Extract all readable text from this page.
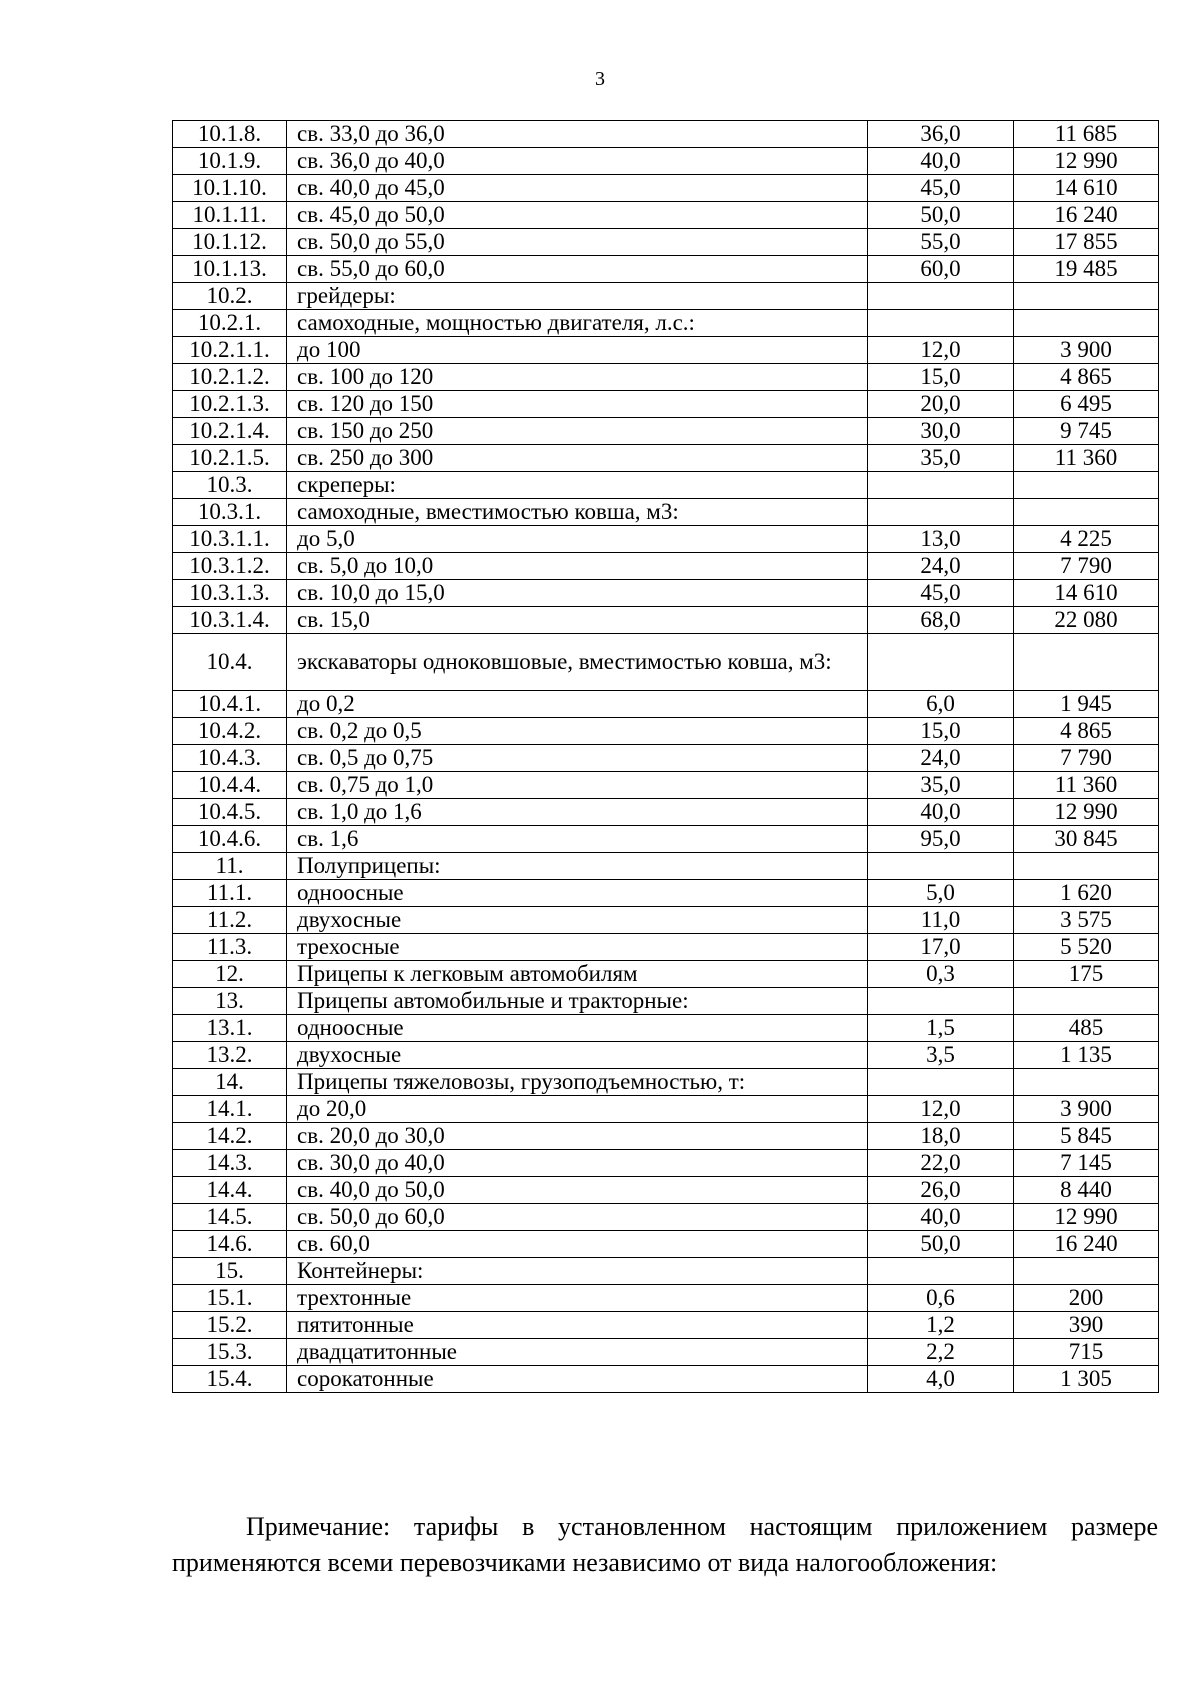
3
10.1.8.	св. 33,0 до 36,0	36,0	11 685
10.1.9.	св. 36,0 до 40,0	40,0	12 990
10.1.10.	св. 40,0 до 45,0	45,0	14 610
10.1.11.	св. 45,0 до 50,0	50,0	16 240
10.1.12.	св. 50,0 до 55,0	55,0	17 855
10.1.13.	св. 55,0 до 60,0	60,0	19 485
10.2.	грейдеры:		
10.2.1.	самоходные, мощностью двигателя, л.с.:		
10.2.1.1.	до 100	12,0	3 900
10.2.1.2.	св. 100 до 120	15,0	4 865
10.2.1.3.	св. 120 до 150	20,0	6 495
10.2.1.4.	св. 150 до 250	30,0	9 745
10.2.1.5.	св. 250 до 300	35,0	11 360
10.3.	скреперы:		
10.3.1.	самоходные, вместимостью ковша, м3:		
10.3.1.1.	до 5,0	13,0	4 225
10.3.1.2.	св. 5,0 до 10,0	24,0	7 790
10.3.1.3.	св. 10,0 до 15,0	45,0	14 610
10.3.1.4.	св. 15,0	68,0	22 080
10.4.	экскаваторы одноковшовые, вместимостью ковша, м3:		
10.4.1.	до 0,2	6,0	1 945
10.4.2.	св. 0,2 до 0,5	15,0	4 865
10.4.3.	св. 0,5 до 0,75	24,0	7 790
10.4.4.	св. 0,75 до 1,0	35,0	11 360
10.4.5.	св. 1,0 до 1,6	40,0	12 990
10.4.6.	св. 1,6	95,0	30 845
11.	Полуприцепы:		
11.1.	одноосные	5,0	1 620
11.2.	двухосные	11,0	3 575
11.3.	трехосные	17,0	5 520
12.	Прицепы к легковым автомобилям	0,3	175
13.	Прицепы автомобильные и тракторные:		
13.1.	одноосные	1,5	485
13.2.	двухосные	3,5	1 135
14.	Прицепы тяжеловозы, грузоподъемностью, т:		
14.1.	до 20,0	12,0	3 900
14.2.	св. 20,0 до 30,0	18,0	5 845
14.3.	св. 30,0 до 40,0	22,0	7 145
14.4.	св. 40,0 до 50,0	26,0	8 440
14.5.	св. 50,0 до 60,0	40,0	12 990
14.6.	св. 60,0	50,0	16 240
15.	Контейнеры:		
15.1.	трехтонные	0,6	200
15.2.	пятитонные	1,2	390
15.3.	двадцатитонные	2,2	715
15.4.	сорокатонные	4,0	1 305

Примечание: тарифы в установленном настоящим приложением размере применяются всеми перевозчиками независимо от вида налогообложения:
